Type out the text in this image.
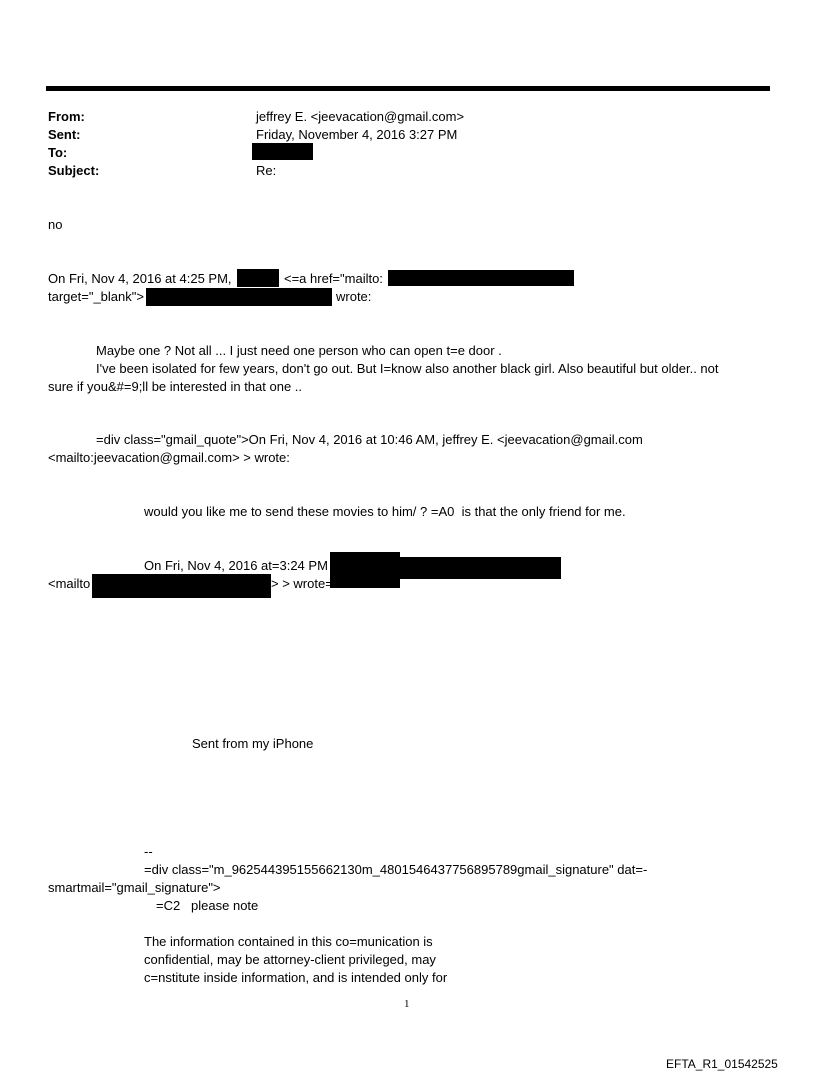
From:	jeffrey E. <jeevacation@gmail.com>
Sent:	Friday, November 4, 2016 3:27 PM
To:
Subject:	Re:
no
On Fri, Nov 4, 2016 at 4:25 PM,	<=a href="mailto:
target="_blank">	wrote:
Maybe one ? Not all ... I just need one person who can open t=e door .
I've been isolated for few years, don't go out. But I=know also another black girl. Also beautiful but older.. not
sure if you&#=9;ll be interested in that one ..
=div class="gmail_quote">On Fri, Nov 4, 2016 at 10:46 AM, jeffrey E. <jeevacation@gmail.com
<mailto:jeevacation@gmail.com> > wrote:
would you like me to send these movies to him/ ? =A0  is that the only friend for me.
On Fri, Nov 4, 2016 at=3:24 PM
<mailto	> > wrote=
Sent from my iPhone
--
=div class="m_962544395155662130m_4801546437756895789gmail_signature" dat=-
smartmail="gmail_signature">
=C2   please note
The information contained in this co=munication is
confidential, may be attorney-client privileged, may
c=nstitute inside information, and is intended only for
1
EFTA_R1_01542525
